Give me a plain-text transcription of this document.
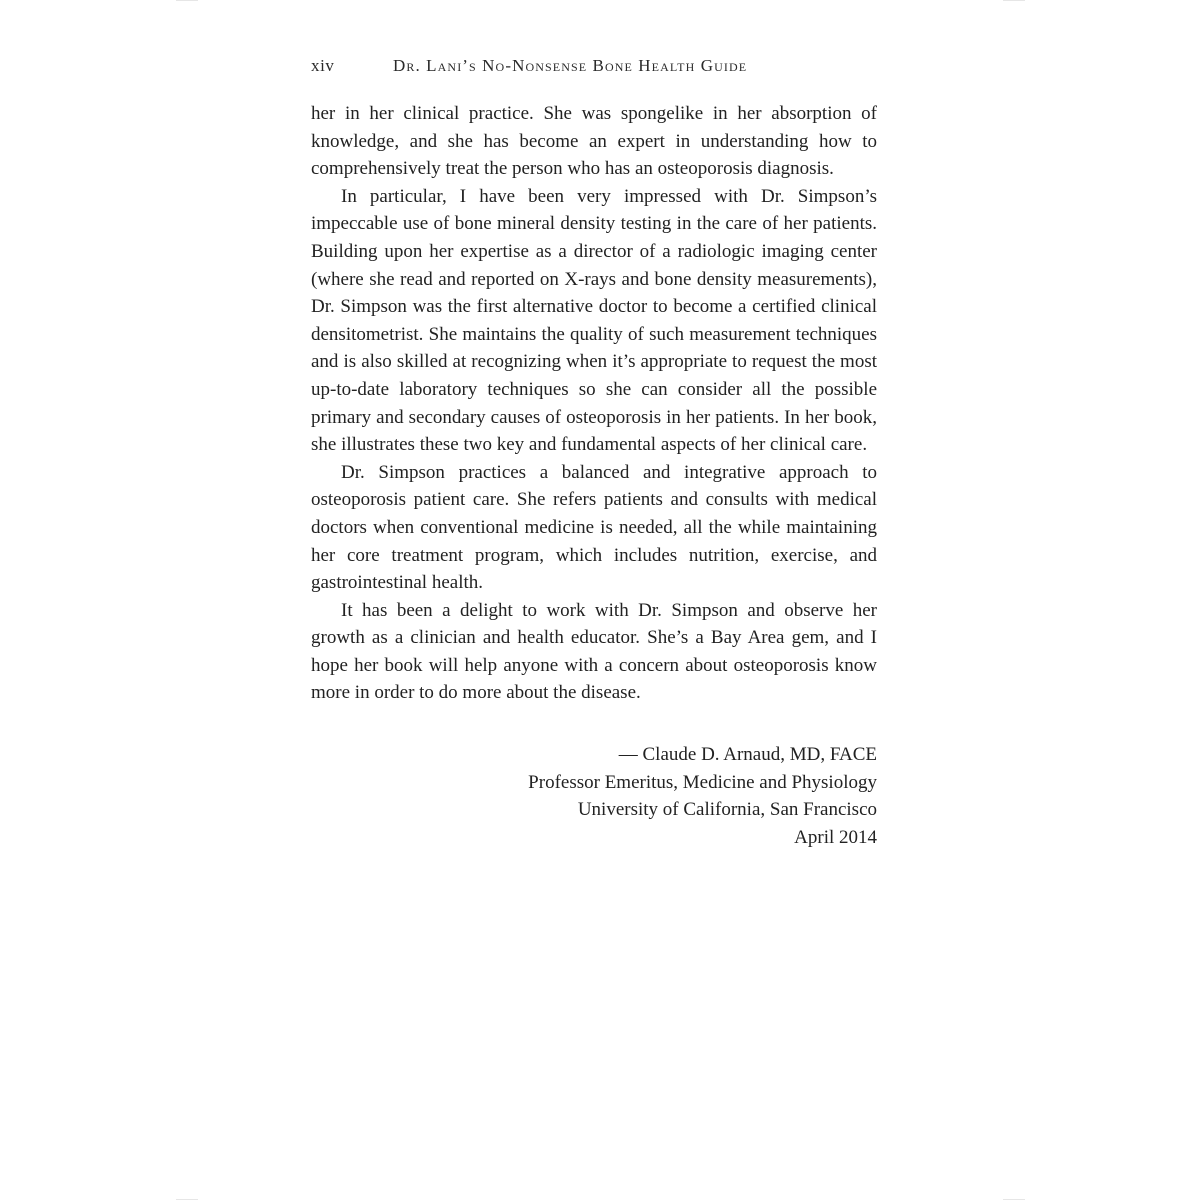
xiv	Dr. Lani’s No-Nonsense Bone Health Guide

her in her clinical practice. She was spongelike in her absorption of knowledge, and she has become an expert in understanding how to comprehensively treat the person who has an osteoporosis diagnosis.

In particular, I have been very impressed with Dr. Simpson’s impeccable use of bone mineral density testing in the care of her patients. Building upon her expertise as a director of a radiologic imaging center (where she read and reported on X-rays and bone density measurements), Dr. Simpson was the first alternative doctor to become a certified clinical densitometrist. She maintains the quality of such measurement techniques and is also skilled at recognizing when it’s appropriate to request the most up-to-date laboratory techniques so she can consider all the possible primary and secondary causes of osteoporosis in her patients. In her book, she illustrates these two key and fundamental aspects of her clinical care.

Dr. Simpson practices a balanced and integrative approach to osteoporosis patient care. She refers patients and consults with medical doctors when conventional medicine is needed, all the while maintaining her core treatment program, which includes nutrition, exercise, and gastrointestinal health.

It has been a delight to work with Dr. Simpson and observe her growth as a clinician and health educator. She’s a Bay Area gem, and I hope her book will help anyone with a concern about osteoporosis know more in order to do more about the disease.

— Claude D. Arnaud, MD, FACE
Professor Emeritus, Medicine and Physiology
University of California, San Francisco
April 2014
